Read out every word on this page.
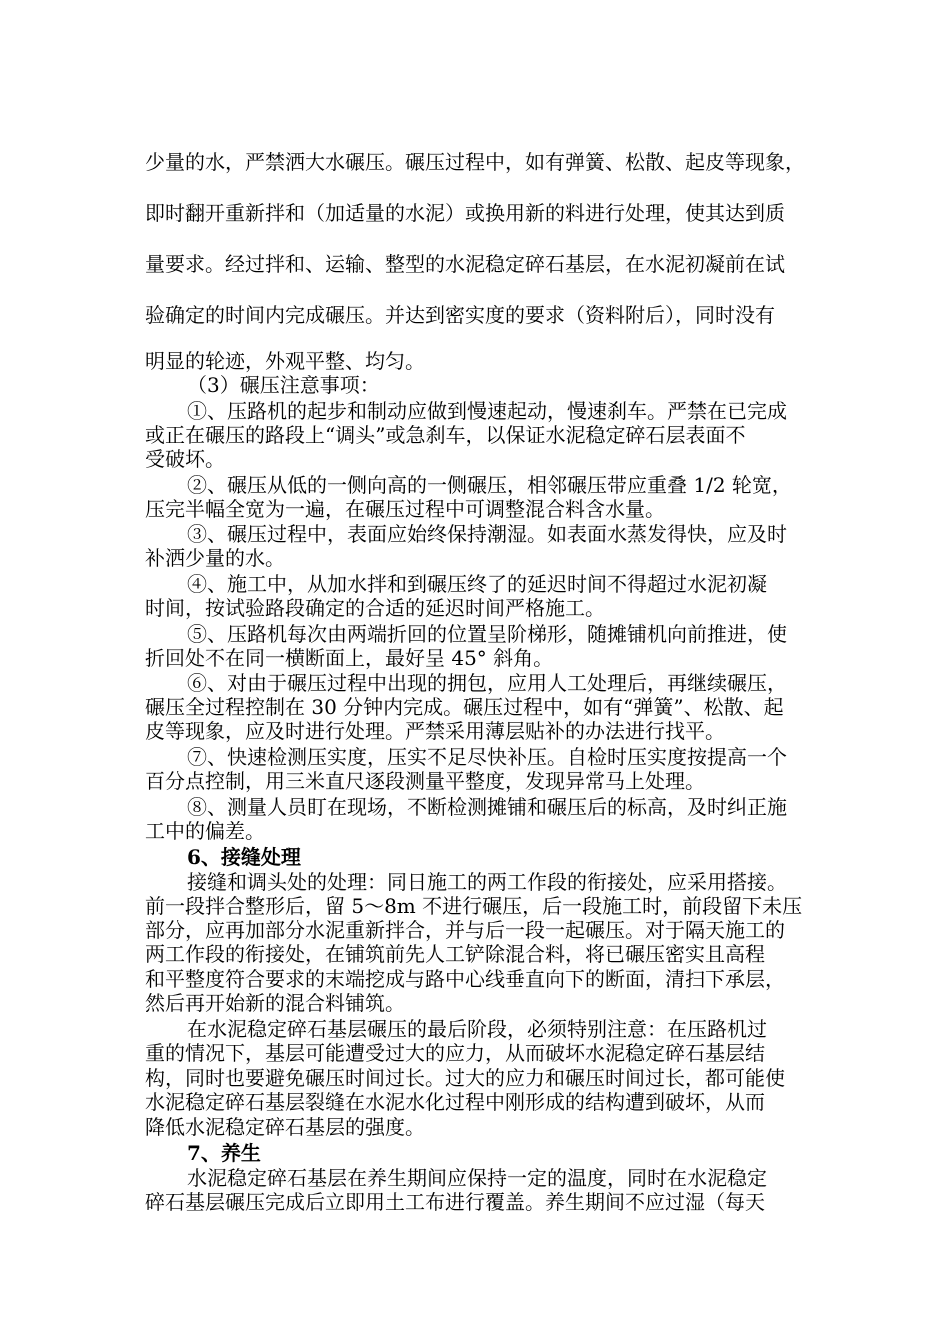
少量的水，严禁洒大水碾压。碾压过程中，如有弹簧、松散、起皮等现象，
即时翻开重新拌和（加适量的水泥）或换用新的料进行处理，使其达到质
量要求。经过拌和、运输、整型的水泥稳定碎石基层，在水泥初凝前在试
验确定的时间内完成碾压。并达到密实度的要求（资料附后），同时没有
明显的轮迹，外观平整、均匀。
（3）碾压注意事项：
①、压路机的起步和制动应做到慢速起动，慢速刹车。严禁在已完成
或正在碾压的路段上“调头”或急刹车，以保证水泥稳定碎石层表面不
受破坏。
②、碾压从低的一侧向高的一侧碾压，相邻碾压带应重叠 1/2 轮宽，
压完半幅全宽为一遍，在碾压过程中可调整混合料含水量。
③、碾压过程中，表面应始终保持潮湿。如表面水蒸发得快，应及时
补洒少量的水。
④、施工中，从加水拌和到碾压终了的延迟时间不得超过水泥初凝
时间，按试验路段确定的合适的延迟时间严格施工。
⑤、压路机每次由两端折回的位置呈阶梯形，随摊铺机向前推进，使
折回处不在同一横断面上，最好呈 45° 斜角。
⑥、对由于碾压过程中出现的拥包，应用人工处理后，再继续碾压，
碾压全过程控制在 30 分钟内完成。碾压过程中，如有“弹簧”、松散、起
皮等现象，应及时进行处理。严禁采用薄层贴补的办法进行找平。
⑦、快速检测压实度，压实不足尽快补压。自检时压实度按提高一个
百分点控制，用三米直尺逐段测量平整度，发现异常马上处理。
⑧、测量人员盯在现场，不断检测摊铺和碾压后的标高，及时纠正施
工中的偏差。
6、接缝处理
接缝和调头处的处理：同日施工的两工作段的衔接处，应采用搭接。
前一段拌合整形后，留 5～8m 不进行碾压，后一段施工时，前段留下未压
部分，应再加部分水泥重新拌合，并与后一段一起碾压。对于隔天施工的
两工作段的衔接处，在铺筑前先人工铲除混合料，将已碾压密实且高程
和平整度符合要求的末端挖成与路中心线垂直向下的断面，清扫下承层，
然后再开始新的混合料铺筑。
在水泥稳定碎石基层碾压的最后阶段，必须特别注意：在压路机过
重的情况下，基层可能遭受过大的应力，从而破坏水泥稳定碎石基层结
构，同时也要避免碾压时间过长。过大的应力和碾压时间过长，都可能使
水泥稳定碎石基层裂缝在水泥水化过程中刚形成的结构遭到破坏，从而
降低水泥稳定碎石基层的强度。
7、养生
水泥稳定碎石基层在养生期间应保持一定的温度，同时在水泥稳定
碎石基层碾压完成后立即用土工布进行覆盖。养生期间不应过湿（每天
